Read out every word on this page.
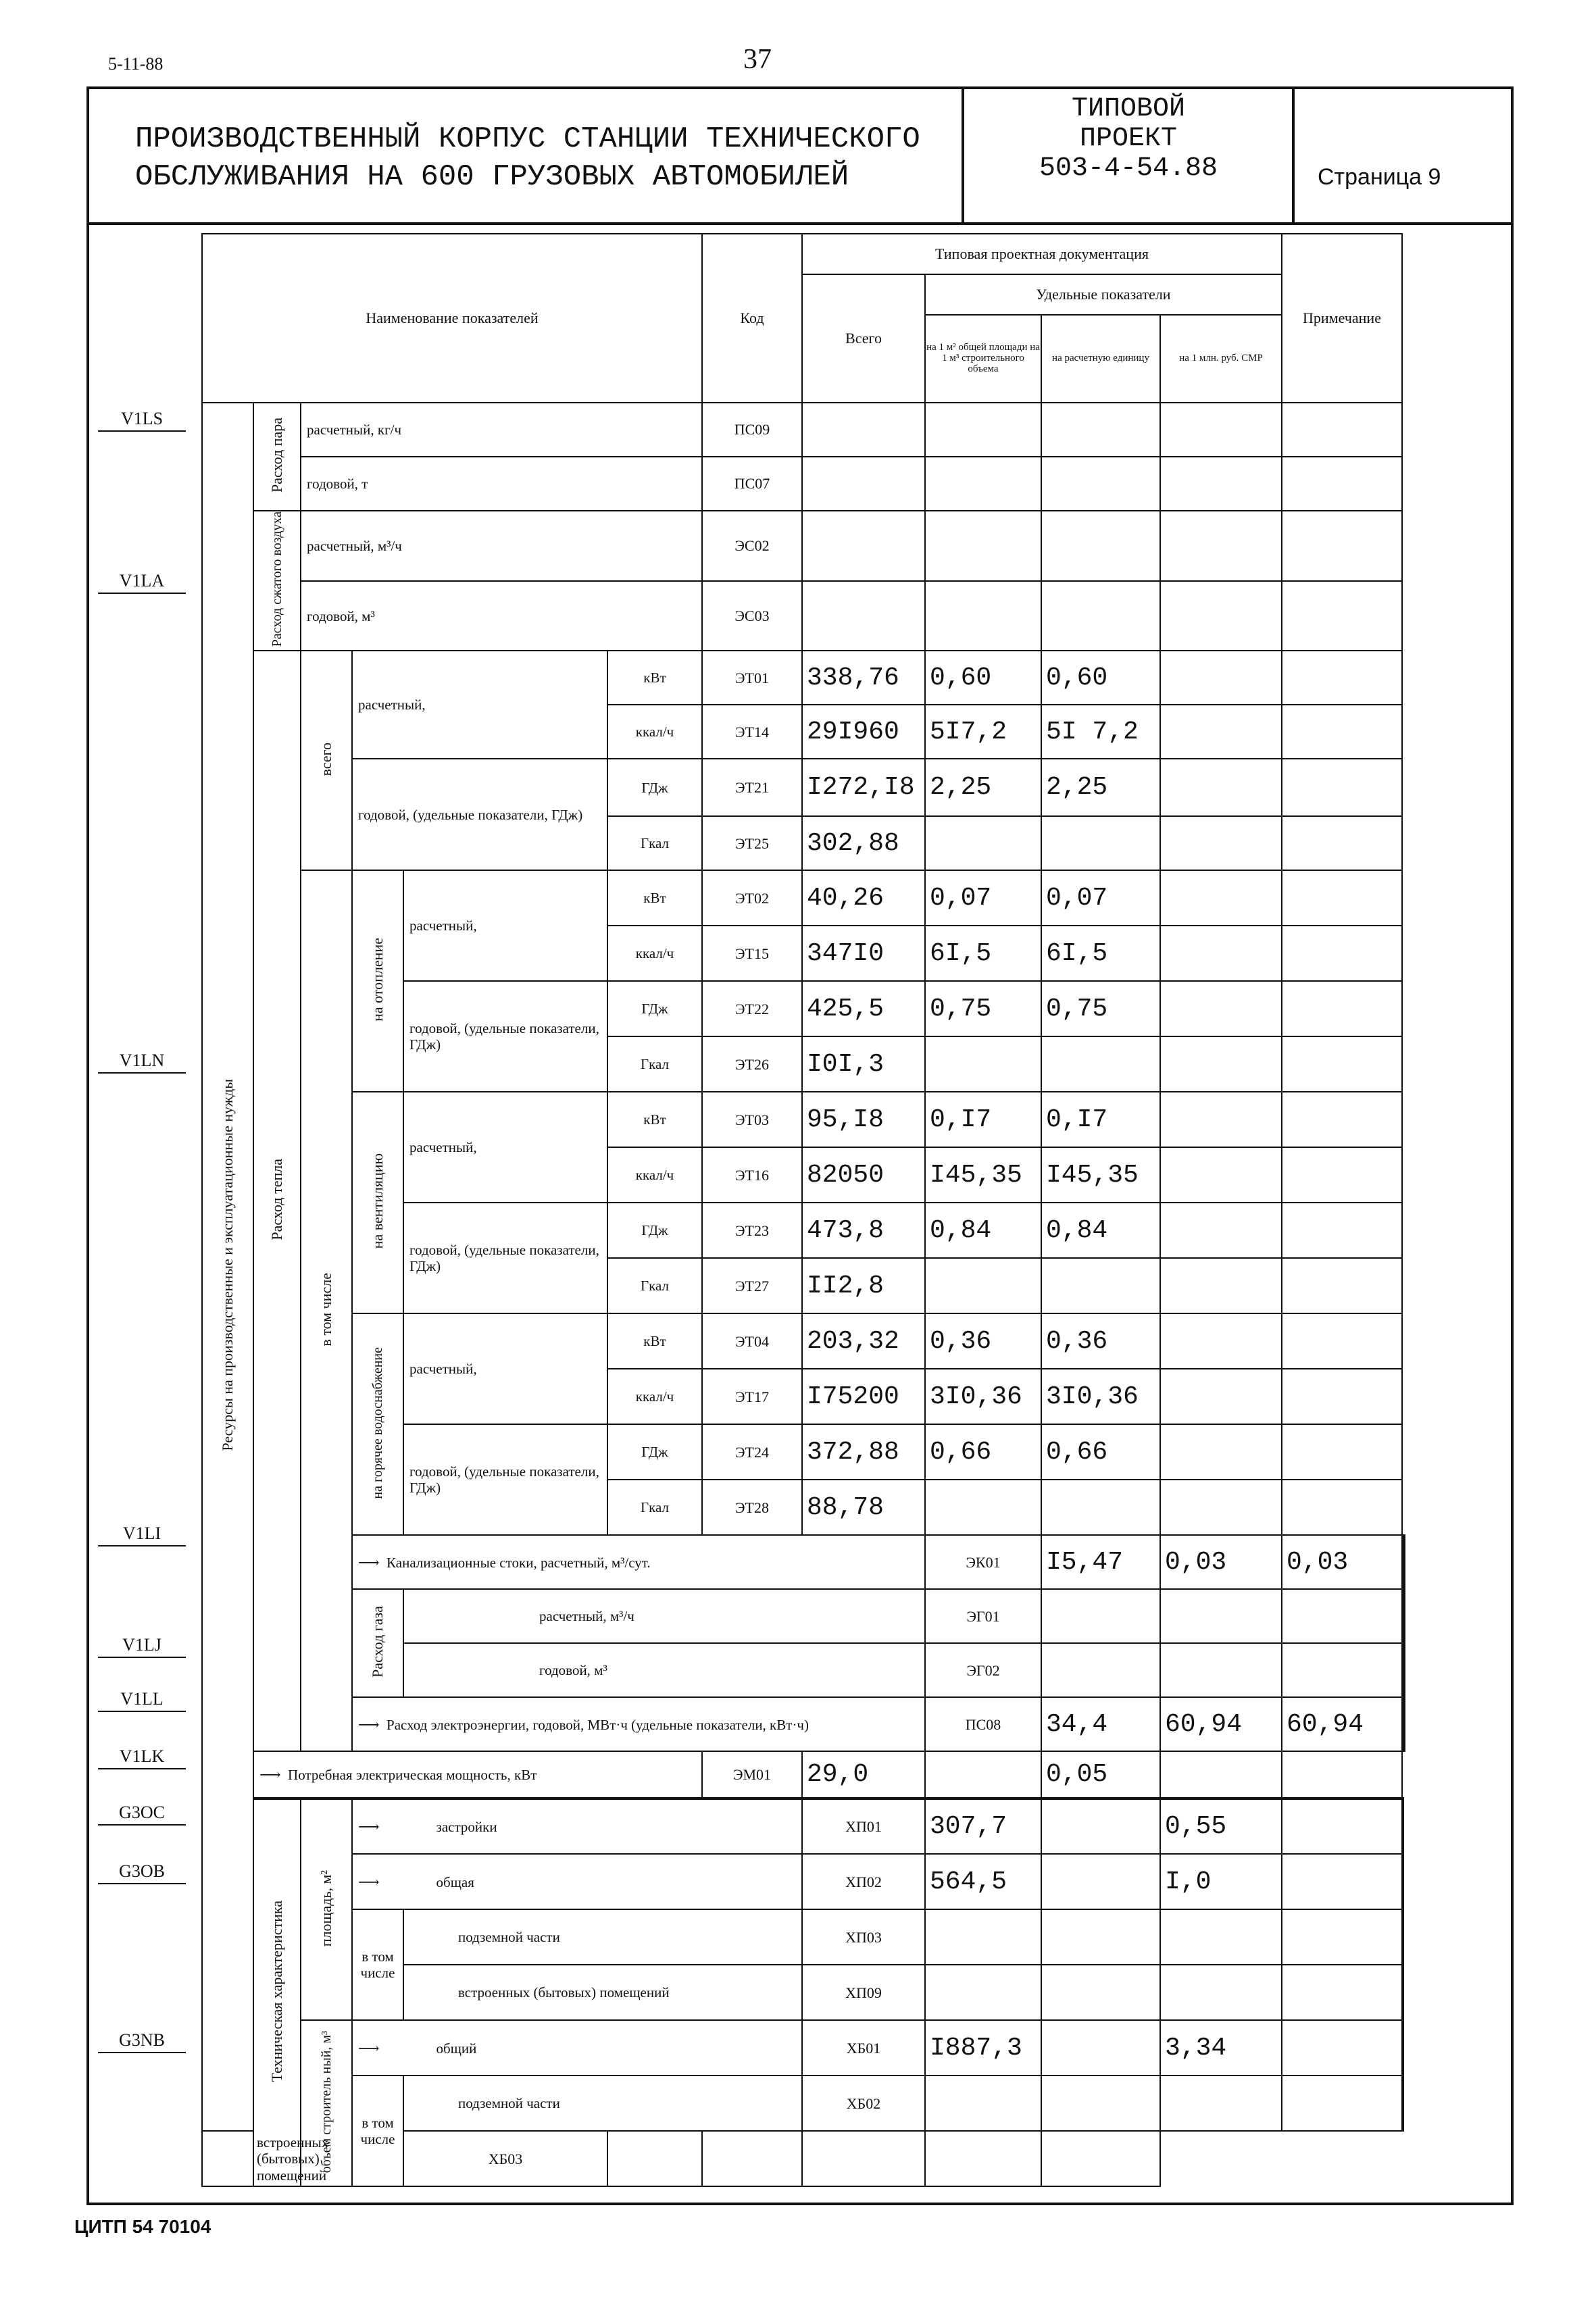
5-11-88	37
ПРОИЗВОДСТВЕННЫЙ КОРПУС СТАНЦИИ ТЕХНИЧЕСКОГО
ОБСЛУЖИВАНИЯ НА 600 ГРУЗОВЫХ АВТОМОБИЛЕЙ
ТИПОВОЙ ПРОЕКТ
503-4-54.88	Страница 9
V1LS
V1LA
V1LN
V1LI
V1LJ
V1LL
V1LK
G3OC
G3OB
G3NB
Наименование показателей						Код	Типовая проектная документация				Примечание		
							Всего	Удельные показатели					
								на 1 м² общей площади на 1 м³ строительного объема	на расчетную единицу	на 1 млн. руб. СМР			
Ресурсы на производственные и эксплуатационные нужды	Расход пара	расчетный, кг/ч				ПС09							
		годовой, т				ПС07							
	Расход сжатого воздуха	расчетный, м³/ч				ЭС02							
		годовой, м³				ЭС03							
	Расход тепла	всего	расчетный,		кВт	ЭТ01	338,76	0,60	0,60				
					ккал/ч	ЭТ14	29I960	5I7,2	5I 7,2				
			годовой, (удельные показатели, ГДж)		ГДж	ЭТ21	I272,I8	2,25	2,25				
					Гкал	ЭТ25	302,88						
		в том числе	на отопление	расчетный,	кВт	ЭТ02	40,26	0,07	0,07				
					ккал/ч	ЭТ15	347I0	6I,5	6I,5				
				годовой, (удельные показатели, ГДж)	ГДж	ЭТ22	425,5	0,75	0,75				
					Гкал	ЭТ26	I0I,3						
			на вентиляцию	расчетный,	кВт	ЭТ03	95,I8	0,I7	0,I7				
					ккал/ч	ЭТ16	82050	I45,35	I45,35				
				годовой, (удельные показатели, ГДж)	ГДж	ЭТ23	473,8	0,84	0,84				
					Гкал	ЭТ27	II2,8						
			на горячее водоснабжение	расчетный,	кВт	ЭТ04	203,32	0,36	0,36				
					ккал/ч	ЭТ17	I75200	3I0,36	3I0,36				
				годовой, (удельные показатели, ГДж)	ГДж	ЭТ24	372,88	0,66	0,66				
					Гкал	ЭТ28	88,78						
			⟶ Канализационные стоки, расчетный, м³/сут.					ЭК01	I5,47	0,03	0,03		
			Расход газа	расчетный, м³/ч				ЭГ01					
				годовой, м³				ЭГ02					
			⟶ Расход электроэнергии, годовой, МВт·ч (удельные показатели, кВт·ч)					ПС08	34,4	60,94	60,94		
	⟶ Потребная электрическая мощность, кВт					ЭМ01	29,0		0,05				
	Техническая характеристика	площадь, м²	⟶ застройки				ХП01	307,7		0,55			
			⟶ общая				ХП02	564,5		I,0			
			в том числе	подземной части			ХП03						
				встроенных (бытовых) помещений			ХП09						
		объем строитель ный, м³	⟶ общий				ХБ01	I887,3		3,34			
			в том числе	подземной части			ХБ02						
встроенных (бытовых) помещений				ХБ03									
ЦИТП 54 70104
